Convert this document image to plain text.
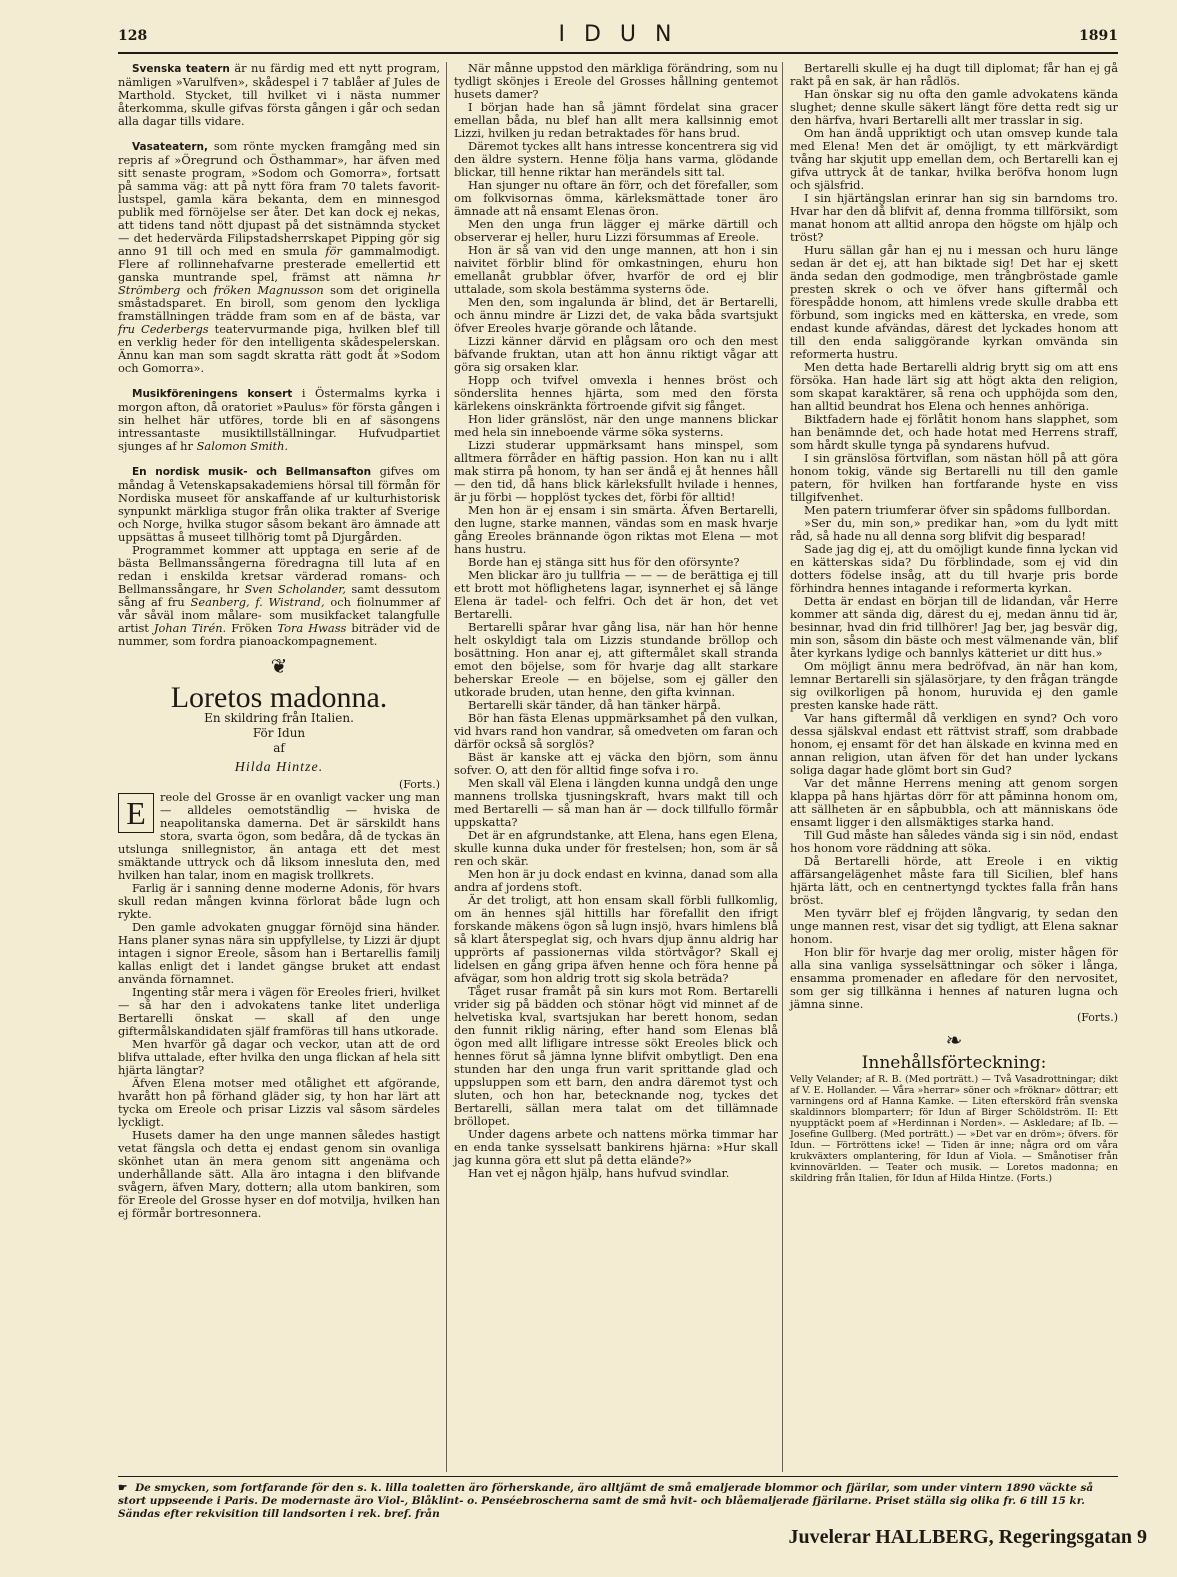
128	I D U N	1891

Svenska teatern är nu färdig med ett nytt program, nämligen »Varulfven», skådespel i 7 tablåer af Jules de Marthold. Stycket, till hvilket vi i nästa nummer återkomma, skulle gifvas första gången i går och sedan alla dagar tills vidare.

Vasateatern, som rönte mycken framgång med sin repris af »Öregrund och Östhammar», har äfven med sitt senaste program, »Sodom och Gomorra», fortsatt på samma väg: att på nytt föra fram 70 talets favorit-lustspel, gamla kära bekanta, dem en minnesgod publik med förnöjelse ser åter. Det kan dock ej nekas, att tidens tand nött djupast på det sistnämnda stycket — det hedervärda Filipstadsherrskapet Pipping gör sig anno 91 till och med en smula för gammalmodigt. Flere af rollinnehafvarne presterade emellertid ett ganska muntrande spel, främst att nämna hr Strömberg och fröken Magnusson som det originella småstadsparet. En biroll, som genom den lyckliga framställningen trädde fram som en af de bästa, var fru Cederbergs teatervurmande piga, hvilken blef till en verklig heder för den intelligenta skådespelerskan. Ännu kan man som sagdt skratta rätt godt åt »Sodom och Gomorra».

Musikföreningens konsert i Östermalms kyrka i morgon afton, då oratoriet »Paulus» för första gången i sin helhet här utföres, torde bli en af säsongens intressantaste musiktillställningar. Hufvudpartiet sjunges af hr Salomon Smith.

En nordisk musik- och Bellmansafton gifves om måndag å Vetenskapsakademiens hörsal till förmån för Nordiska museet för anskaffande af ur kulturhistorisk synpunkt märkliga stugor från olika trakter af Sverige och Norge, hvilka stugor såsom bekant äro ämnade att uppsättas å museet tillhörig tomt på Djurgården.

Programmet kommer att upptaga en serie af de bästa Bellmanssångerna föredragna till luta af en redan i enskilda kretsar värderad romans- och Bellmanssångare, hr Sven Scholander, samt dessutom sång af fru Seanberg, f. Wistrand, och fiolnummer af vår såväl inom målare- som musikfacket talangfulle artist Johan Tirén. Fröken Tora Hwass biträder vid de nummer, som fordra pianoackompagnement.

❦
Loretos madonna.
En skildring från Italien.
För Idun
af
Hilda Hintze.
(Forts.)
E	reole del Grosse är en ovanligt vacker ung man — alldeles oemotständlig — hviska de neapolitanska damerna. Det är särskildt hans stora, svarta ögon, som bedåra, då de tyckas än utslunga snillegnistor, än antaga ett det mest smäktande uttryck och då liksom innesluta den, med hvilken han talar, inom en magisk trollkrets.

Farlig är i sanning denne moderne Adonis, för hvars skull redan mången kvinna förlorat både lugn och rykte.

Den gamle advokaten gnuggar förnöjd sina händer. Hans planer synas nära sin uppfyllelse, ty Lizzi är djupt intagen i signor Ereole, såsom han i Bertarellis familj kallas enligt det i landet gängse bruket att endast använda förnamnet.

Ingenting står mera i vägen för Ereoles frieri, hvilket — så har den i advokatens tanke litet underliga Bertarelli önskat — skall af den unge giftermålskandidaten själf framföras till hans utkorade.

Men hvarför gå dagar och veckor, utan att de ord blifva uttalade, efter hvilka den unga flickan af hela sitt hjärta längtar?

Äfven Elena motser med otålighet ett afgörande, hvarått hon på förhand gläder sig, ty hon har lärt att tycka om Ereole och prisar Lizzis val såsom särdeles lyckligt.

Husets damer ha den unge mannen således hastigt vetat fängsla och detta ej endast genom sin ovanliga skönhet utan än mera genom sitt angenäma och underhållande sätt. Alla äro intagna i den blifvande svågern, äfven Mary, dottern; alla utom bankiren, som för Ereole del Grosse hyser en dof motvilja, hvilken han ej förmår bortresonnera.

När månne uppstod den märkliga förändring, som nu tydligt skönjes i Ereole del Grosses hållning gentemot husets damer?

I början hade han så jämnt fördelat sina gracer emellan båda, nu blef han allt mera kallsinnig emot Lizzi, hvilken ju redan betraktades för hans brud.

Däremot tyckes allt hans intresse koncentrera sig vid den äldre systern. Henne följa hans varma, glödande blickar, till henne riktar han merändels sitt tal.

Han sjunger nu oftare än förr, och det förefaller, som om folkvisornas ömma, kärleksmättade toner äro ämnade att nå ensamt Elenas öron.

Men den unga frun lägger ej märke därtill och observerar ej heller, huru Lizzi försummas af Ereole.

Hon är så van vid den unge mannen, att hon i sin naivitet förblir blind för omkastningen, ehuru hon emellanåt grubblar öfver, hvarför de ord ej blir uttalade, som skola bestämma systerns öde.

Men den, som ingalunda är blind, det är Bertarelli, och ännu mindre är Lizzi det, de vaka båda svartsjukt öfver Ereoles hvarje görande och låtande.

Lizzi känner därvid en plågsam oro och den mest bäfvande fruktan, utan att hon ännu riktigt vågar att göra sig orsaken klar.

Hopp och tvifvel omvexla i hennes bröst och sönderslita hennes hjärta, som med den första kärlekens oinskränkta förtroende gifvit sig fånget.

Hon lider gränslöst, när den unge mannens blickar med hela sin inneboende värme söka systerns.

Lizzi studerar uppmärksamt hans minspel, som alltmera förråder en häftig passion. Hon kan nu i allt mak stirra på honom, ty han ser ändå ej åt hennes håll — den tid, då hans blick kärleksfullt hvilade i hennes, är ju förbi — hopplöst tyckes det, förbi för alltid!

Men hon är ej ensam i sin smärta. Äfven Bertarelli, den lugne, starke mannen, vändas som en mask hvarje gång Ereoles brännande ögon riktas mot Elena — mot hans hustru.

Borde han ej stänga sitt hus för den oförsynte?

Men blickar äro ju tullfria — — — de berättiga ej till ett brott mot höflighetens lagar, isynnerhet ej så länge Elena är tadel- och felfri. Och det är hon, det vet Bertarelli.

Bertarelli spårar hvar gång lisa, när han hör henne helt oskyldigt tala om Lizzis stundande bröllop och bosättning. Hon anar ej, att giftermålet skall stranda emot den böjelse, som för hvarje dag allt starkare beherskar Ereole — en böjelse, som ej gäller den utkorade bruden, utan henne, den gifta kvinnan.

Bertarelli skär tänder, då han tänker härpå.

Bör han fästa Elenas uppmärksamhet på den vulkan, vid hvars rand hon vandrar, så omedveten om faran och därför också så sorglös?

Bäst är kanske att ej väcka den björn, som ännu sofver. O, att den för alltid finge sofva i ro.

Men skall väl Elena i längden kunna undgå den unge mannens trollska tjusningskraft, hvars makt till och med Bertarelli — så man han är — dock tillfullo förmår uppskatta?

Det är en afgrundstanke, att Elena, hans egen Elena, skulle kunna duka under för frestelsen; hon, som är så ren och skär.

Men hon är ju dock endast en kvinna, danad som alla andra af jordens stoft.

Är det troligt, att hon ensam skall förbli fullkomlig, om än hennes själ hittills har förefallit den ifrigt forskande mäkens ögon så lugn insjö, hvars himlens blå så klart återspeglat sig, och hvars djup ännu aldrig har upprörts af passionernas vilda störtvågor? Skall ej lidelsen en gång gripa äfven henne och föra henne på afvägar, som hon aldrig trott sig skola beträda?

Tåget rusar framåt på sin kurs mot Rom. Bertarelli vrider sig på bädden och stönar högt vid minnet af de helvetiska kval, svartsjukan har berett honom, sedan den funnit riklig näring, efter hand som Elenas blå ögon med allt lifligare intresse sökt Ereoles blick och hennes förut så jämna lynne blifvit ombytligt. Den ena stunden har den unga frun varit sprittande glad och uppsluppen som ett barn, den andra däremot tyst och sluten, och hon har, betecknande nog, tyckes det Bertarelli, sällan mera talat om det tillämnade bröllopet.

Under dagens arbete och nattens mörka timmar har en enda tanke sysselsatt bankirens hjärna: »Hur skall jag kunna göra ett slut på detta elände?»

Han vet ej någon hjälp, hans hufvud svindlar.

Bertarelli skulle ej ha dugt till diplomat; får han ej gå rakt på en sak, är han rådlös.

Han önskar sig nu ofta den gamle advokatens kända slughet; denne skulle säkert längt före detta redt sig ur den härfva, hvari Bertarelli allt mer trasslar in sig.

Om han ändå uppriktigt och utan omsvep kunde tala med Elena! Men det är omöjligt, ty ett märkvärdigt tvång har skjutit upp emellan dem, och Bertarelli kan ej gifva uttryck åt de tankar, hvilka beröfva honom lugn och själsfrid.

I sin hjärtängslan erinrar han sig sin barndoms tro. Hvar har den då blifvit af, denna fromma tillförsikt, som manat honom att alltid anropa den högste om hjälp och tröst?

Huru sällan går han ej nu i messan och huru länge sedan är det ej, att han biktade sig! Det har ej skett ända sedan den godmodige, men trångbröstade gamle presten skrek o och ve öfver hans giftermål och förespådde honom, att himlens vrede skulle drabba ett förbund, som ingicks med en kätterska, en vrede, som endast kunde afvändas, därest det lyckades honom att till den enda saliggörande kyrkan omvända sin reformerta hustru.

Men detta hade Bertarelli aldrig brytt sig om att ens försöka. Han hade lärt sig att högt akta den religion, som skapat karaktärer, så rena och upphöjda som den, han alltid beundrat hos Elena och hennes anhöriga.

Biktfadern hade ej förlåtit honom hans slapphet, som han benämnde det, och hade hotat med Herrens straff, som hårdt skulle tynga på syndarens hufvud.

I sin gränslösa förtviflan, som nästan höll på att göra honom tokig, vände sig Bertarelli nu till den gamle patern, för hvilken han fortfarande hyste en viss tillgifvenhet.

Men patern triumferar öfver sin spådoms fullbordan.

»Ser du, min son,» predikar han, »om du lydt mitt råd, så hade nu all denna sorg blifvit dig besparad!

Sade jag dig ej, att du omöjligt kunde finna lyckan vid en kätterskas sida? Du förblindade, som ej vid din dotters födelse insåg, att du till hvarje pris borde förhindra hennes intagande i reformerta kyrkan.

Detta är endast en början till de lidandan, vår Herre kommer att sända dig, därest du ej, medan ännu tid är, besinnar, hvad din frid tillhörer! Jag ber, jag besvär dig, min son, såsom din bäste och mest välmenande vän, blif åter kyrkans lydige och bannlys kätteriet ur ditt hus.»

Om möjligt ännu mera bedröfvad, än när han kom, lemnar Bertarelli sin själasörjare, ty den frågan trängde sig ovilkorligen på honom, huruvida ej den gamle presten kanske hade rätt.

Var hans giftermål då verkligen en synd? Och voro dessa själskval endast ett rättvist straff, som drabbade honom, ej ensamt för det han älskade en kvinna med en annan religion, utan äfven för det han under lyckans soliga dagar hade glömt bort sin Gud?

Var det månne Herrens mening att genom sorgen klappa på hans hjärtas dörr för att påminna honom om, att sällheten är en såpbubbla, och att människans öde ensamt ligger i den allsmäktiges starka hand.

Till Gud måste han således vända sig i sin nöd, endast hos honom vore räddning att söka.

Då Bertarelli hörde, att Ereole i en viktig affärsangelägenhet måste fara till Sicilien, blef hans hjärta lätt, och en centnertyngd tycktes falla från hans bröst.

Men tyvärr blef ej fröjden långvarig, ty sedan den unge mannen rest, visar det sig tydligt, att Elena saknar honom.

Hon blir för hvarje dag mer orolig, mister hågen för alla sina vanliga sysselsättningar och söker i långa, ensamma promenader en afledare för den nervositet, som ger sig tillkänna i hennes af naturen lugna och jämna sinne.

(Forts.)
❧
Innehållsförteckning:

Velly Velander; af R. B. (Med porträtt.) — Två Vasadrottningar; dikt af V. E. Hollander. — Våra »herrar» söner och »fröknar» döttrar; ett varningens ord af Hanna Kamke. — Liten efterskörd från svenska skaldinnors blomparterr; för Idun af Birger Schöldström. II: Ett nyupptäckt poem af »Herdinnan i Norden». — Askledare; af Ib. — Josefine Gullberg. (Med porträtt.) — »Det var en dröm»; öfvers. för Idun. — Förtröttens icke! — Tiden är inne; några ord om våra krukväxters omplantering, för Idun af Viola. — Smånotiser från kvinnovärlden. — Teater och musik. — Loretos madonna; en skildring från Italien, för Idun af Hilda Hintze. (Forts.)

☛ De smycken, som fortfarande för den s. k. lilla toaletten äro förherskande, äro alltjämt de små emaljerade blommor och fjärilar, som under vintern 1890 väckte så stort uppseende i Paris. De modernaste äro Viol-, Blåklint- o. Penséebroscherna samt de små hvit- och blåemaljerade fjärilarne. Priset ställa sig olika fr. 6 till 15 kr. Sändas efter rekvisition till landsorten i rek. bref. från
Juvelerar HALLBERG, Regeringsgatan 9
